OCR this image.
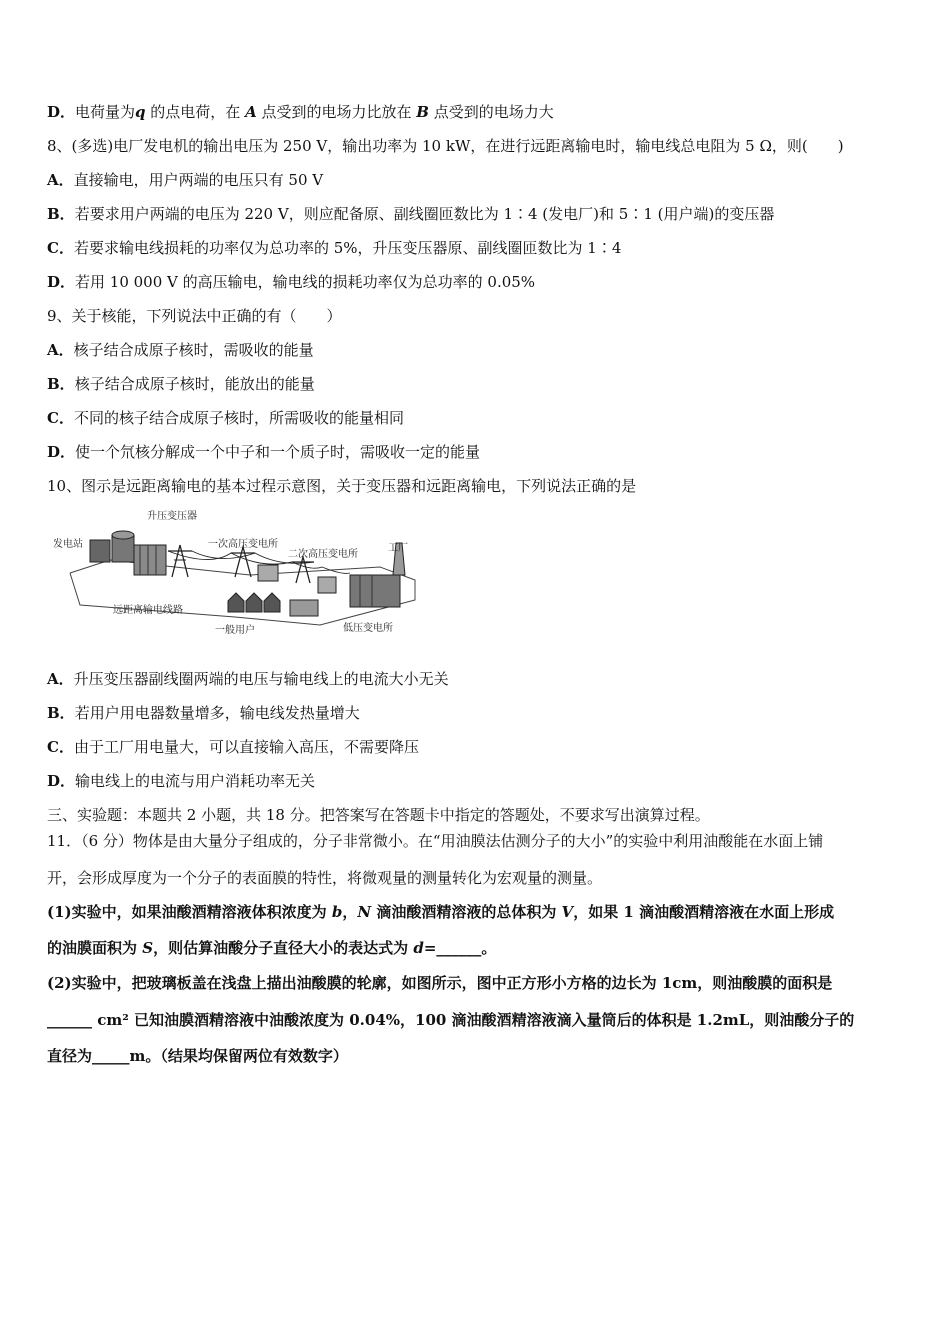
D．电荷量为q 的点电荷，在 A 点受到的电场力比放在 B 点受到的电场力大
8、(多选)电厂发电机的输出电压为 250 V，输出功率为 10 kW，在进行远距离输电时，输电线总电阻为 5 Ω，则(　　)
A．直接输电，用户两端的电压只有 50 V
B．若要求用户两端的电压为 220 V，则应配备原、副线圈匝数比为 1∶4 (发电厂)和 5∶1 (用户端)的变压器
C．若要求输电线损耗的功率仅为总功率的 5%，升压变压器原、副线圈匝数比为 1∶4
D．若用 10 000 V 的高压输电，输电线的损耗功率仅为总功率的 0.05%
9、关于核能，下列说法中正确的有（　　）
A．核子结合成原子核时，需吸收的能量
B．核子结合成原子核时，能放出的能量
C．不同的核子结合成原子核时，所需吸收的能量相同
D．使一个氘核分解成一个中子和一个质子时，需吸收一定的能量
10、图示是远距离输电的基本过程示意图，关于变压器和远距离输电，下列说法正确的是
发电站
升压变压器
一次高压变电所
二次高压变电所
工厂
远距离输电线路
一般用户	低压变电所
A．升压变压器副线圈两端的电压与输电线上的电流大小无关
B．若用户用电器数量增多，输电线发热量增大
C．由于工厂用电量大，可以直接输入高压，不需要降压
D．输电线上的电流与用户消耗功率无关
三、实验题：本题共 2 小题，共 18 分。把答案写在答题卡中指定的答题处，不要求写出演算过程。
11．（6 分）物体是由大量分子组成的，分子非常微小。在“用油膜法估测分子的大小”的实验中利用油酸能在水面上铺
开，会形成厚度为一个分子的表面膜的特性，将微观量的测量转化为宏观量的测量。
(1)实验中，如果油酸酒精溶液体积浓度为 b，N 滴油酸酒精溶液的总体积为 V，如果 1 滴油酸酒精溶液在水面上形成
的油膜面积为 S，则估算油酸分子直径大小的表达式为 d=______。
(2)实验中，把玻璃板盖在浅盘上描出油酸膜的轮廓，如图所示，图中正方形小方格的边长为 1cm，则油酸膜的面积是
______ cm² 已知油膜酒精溶液中油酸浓度为 0.04%，100 滴油酸酒精溶液滴入量筒后的体积是 1.2mL，则油酸分子的
直径为_____m。（结果均保留两位有效数字）
